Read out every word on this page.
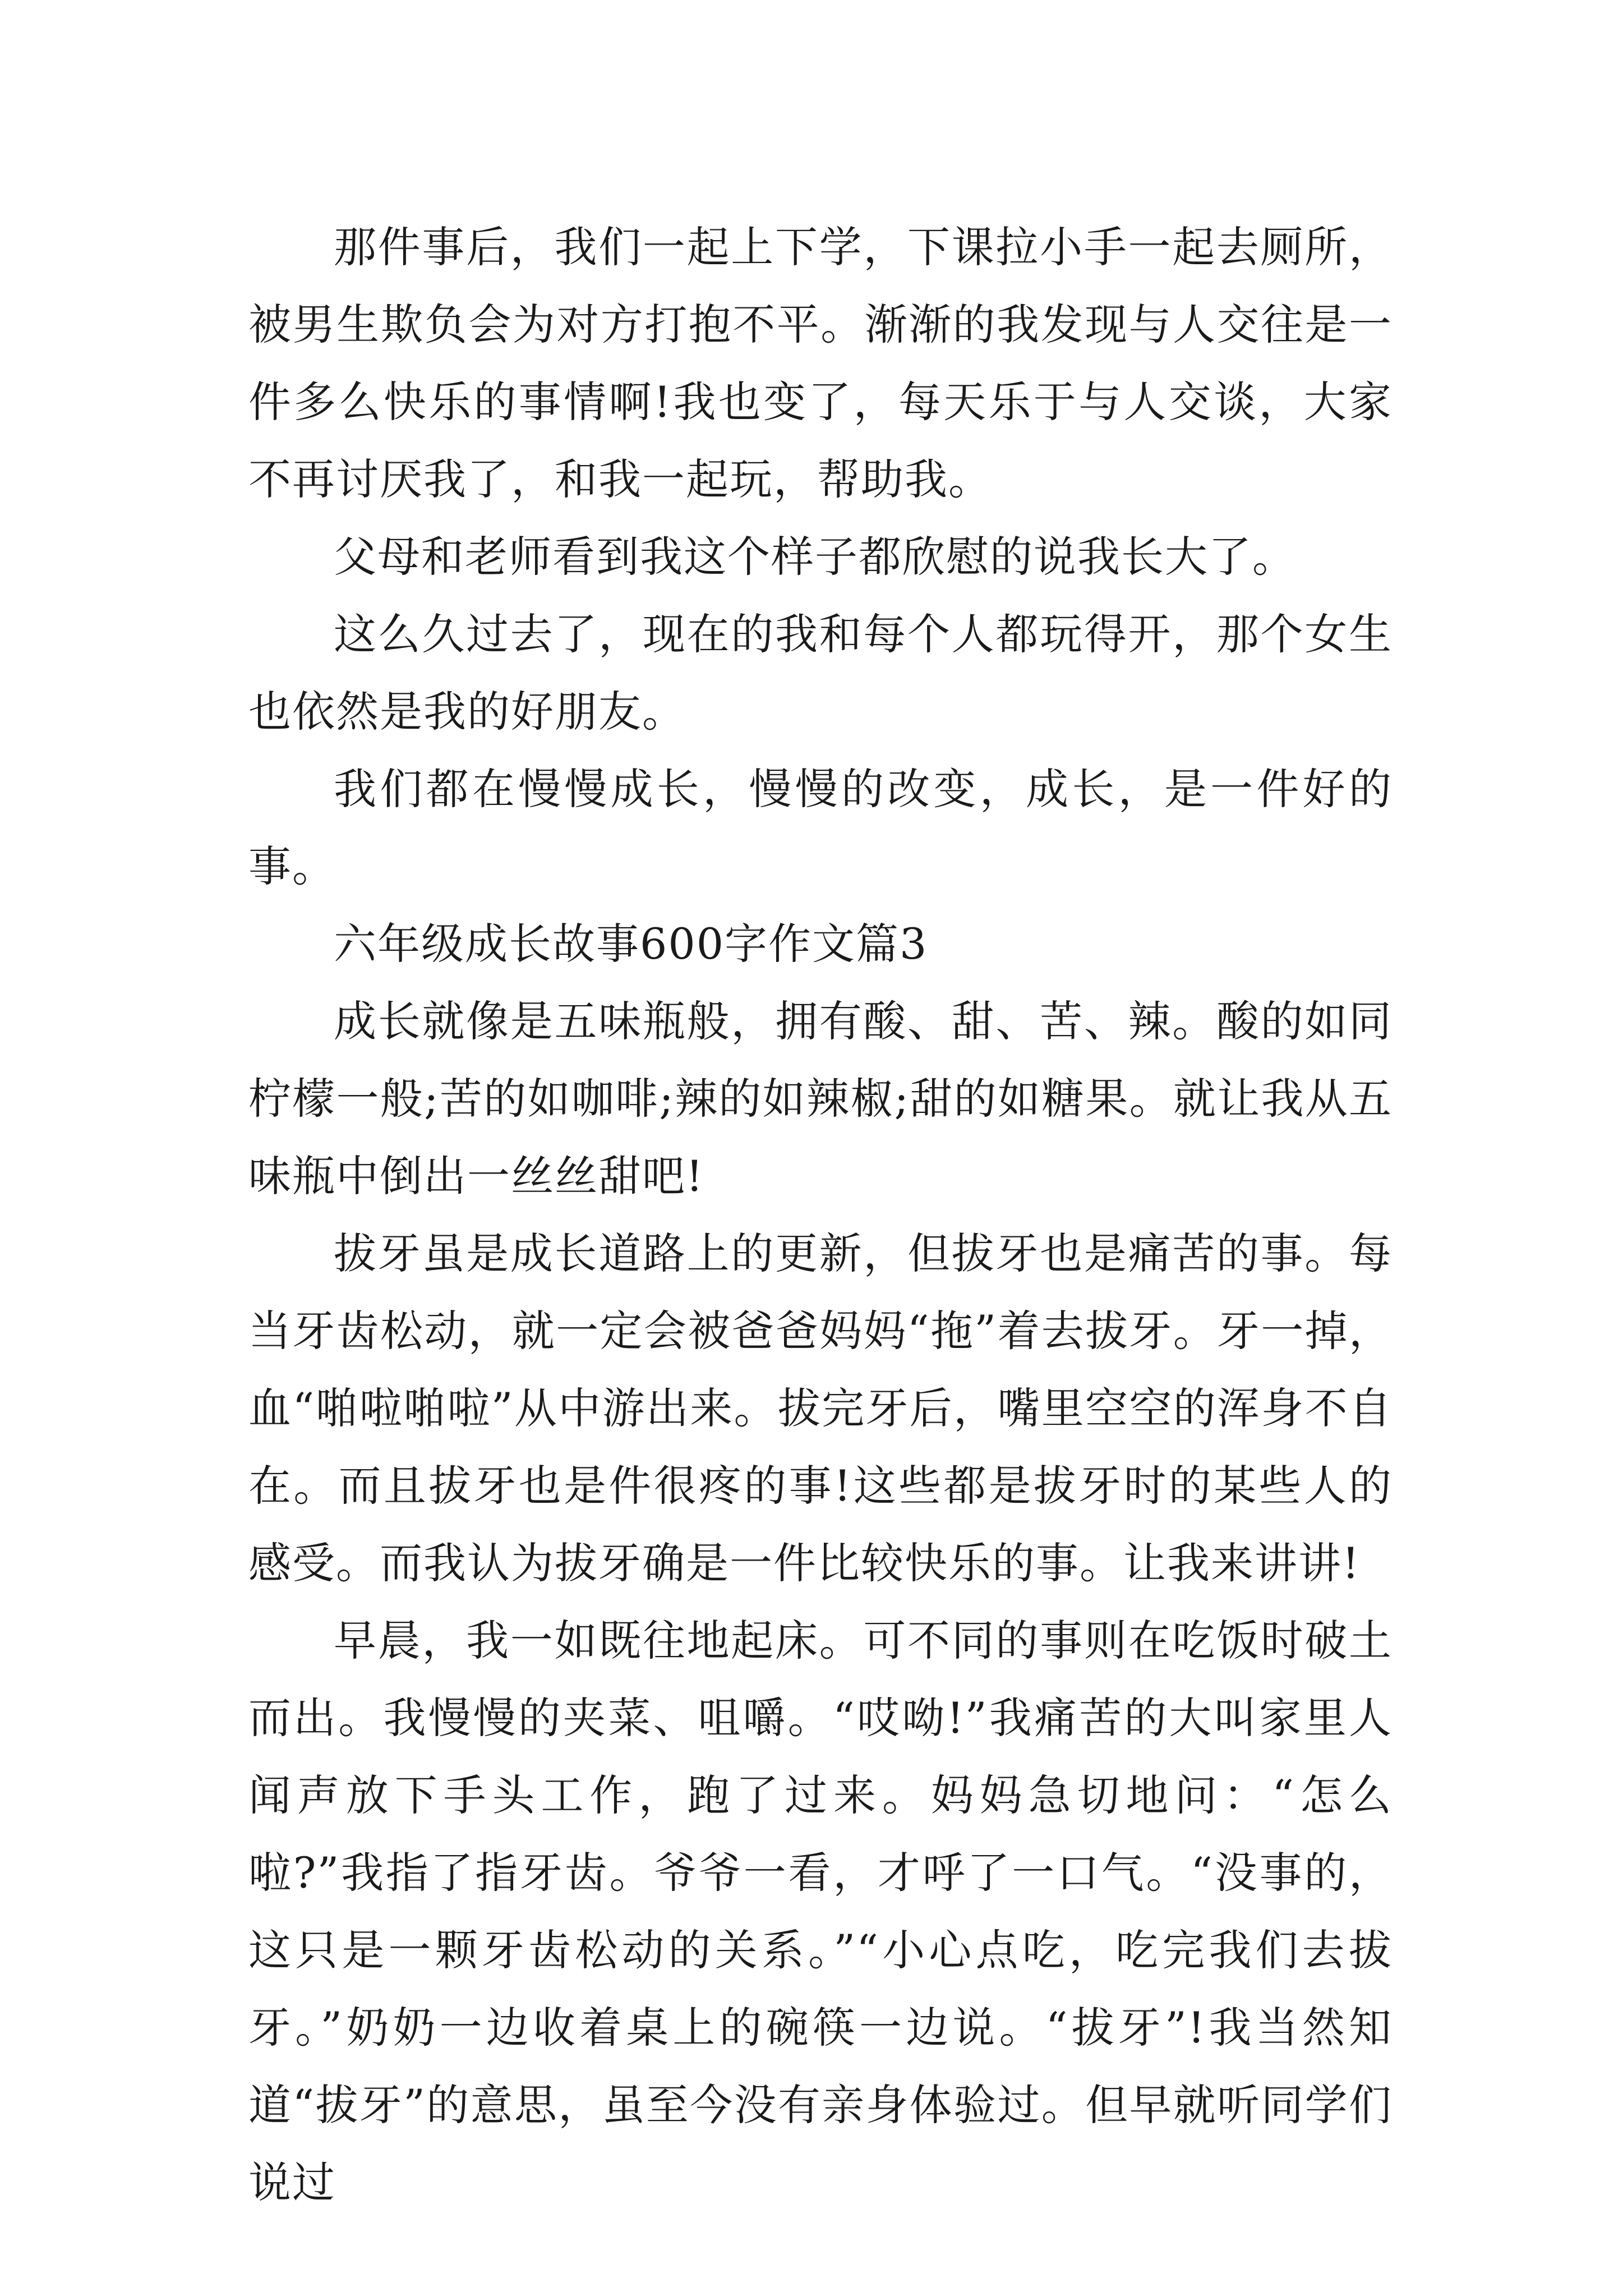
那件事后，我们一起上下学，下课拉小手一起去厕所，被男生欺负会为对方打抱不平。渐渐的我发现与人交往是一件多么快乐的事情啊!我也变了，每天乐于与人交谈，大家不再讨厌我了，和我一起玩，帮助我。

父母和老师看到我这个样子都欣慰的说我长大了。

这么久过去了，现在的我和每个人都玩得开，那个女生也依然是我的好朋友。

我们都在慢慢成长，慢慢的改变，成长，是一件好的事。

六年级成长故事600字作文篇3

成长就像是五味瓶般，拥有酸、甜、苦、辣。酸的如同柠檬一般;苦的如咖啡;辣的如辣椒;甜的如糖果。就让我从五味瓶中倒出一丝丝甜吧!

拔牙虽是成长道路上的更新，但拔牙也是痛苦的事。每当牙齿松动，就一定会被爸爸妈妈“拖”着去拔牙。牙一掉，血“啪啦啪啦”从中游出来。拔完牙后，嘴里空空的浑身不自在。而且拔牙也是件很疼的事!这些都是拔牙时的某些人的感受。而我认为拔牙确是一件比较快乐的事。让我来讲讲!

早晨，我一如既往地起床。可不同的事则在吃饭时破土而出。我慢慢的夹菜、咀嚼。“哎呦!”我痛苦的大叫家里人闻声放下手头工作，跑了过来。妈妈急切地问：“怎么啦?”我指了指牙齿。爷爷一看，才呼了一口气。“没事的，这只是一颗牙齿松动的关系。”“小心点吃，吃完我们去拔牙。”奶奶一边收着桌上的碗筷一边说。“拔牙”!我当然知道“拔牙”的意思，虽至今没有亲身体验过。但早就听同学们说过
